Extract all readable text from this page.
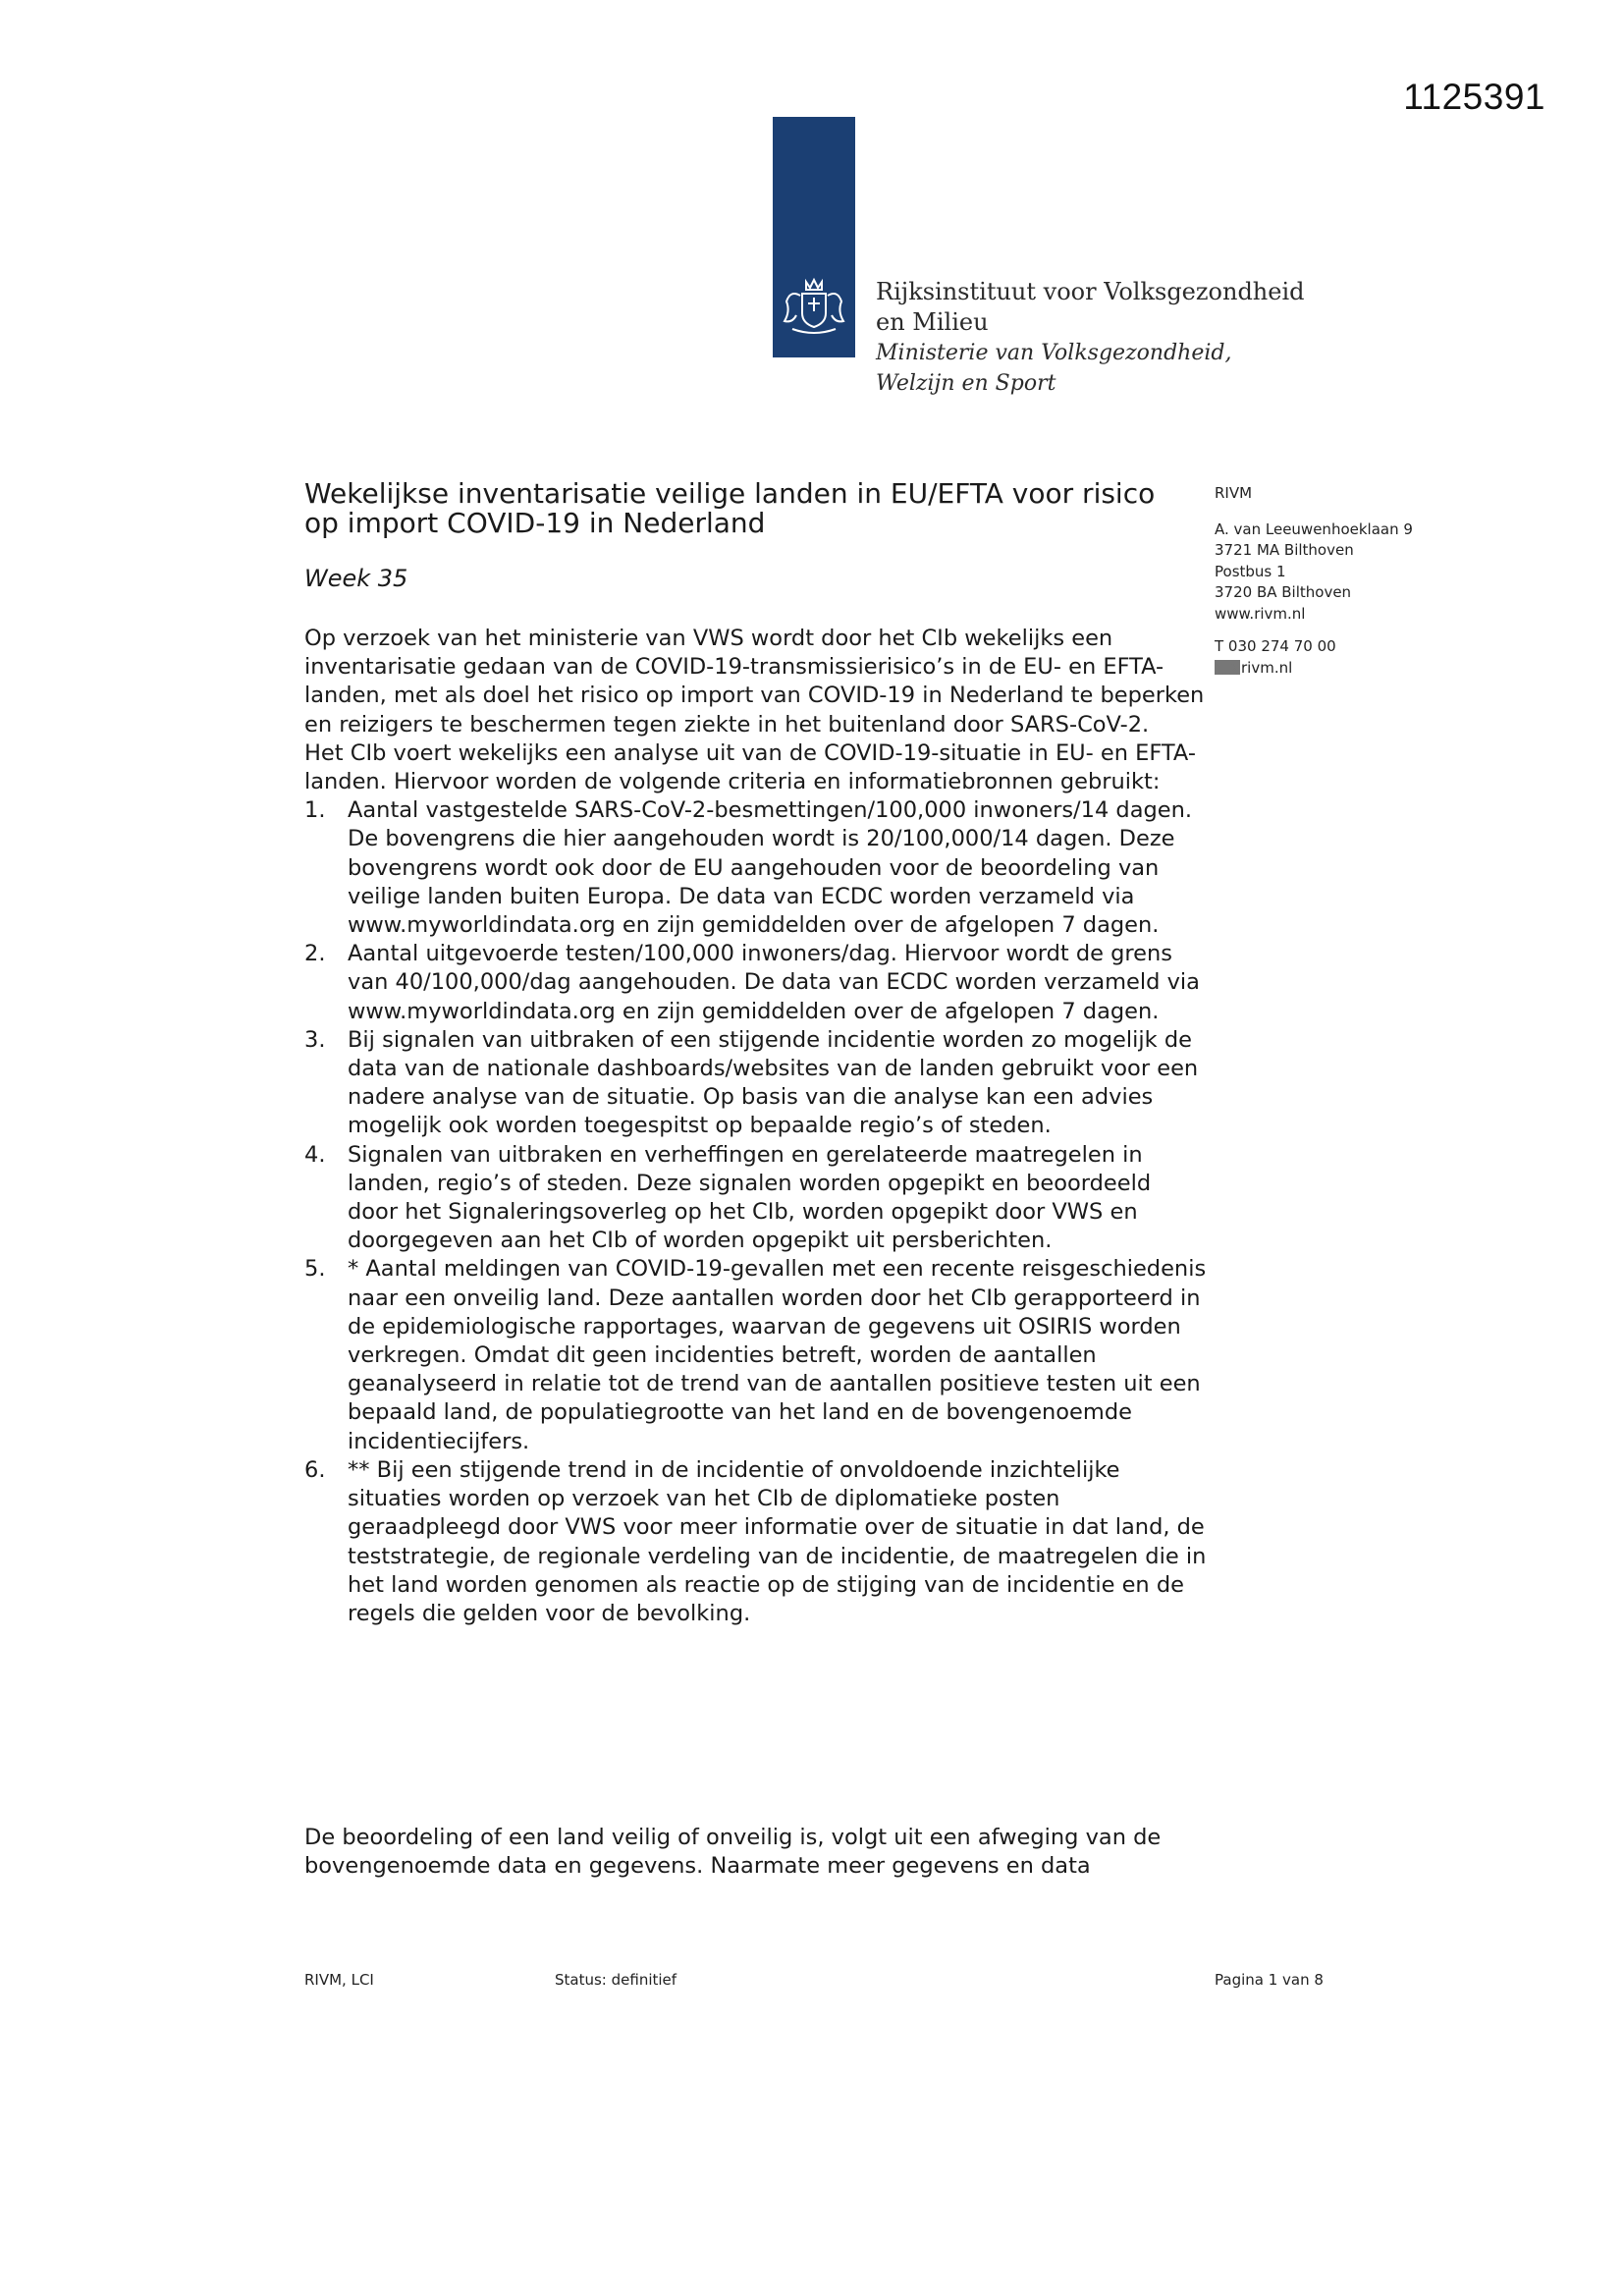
1125391
Rijksinstituut voor Volksgezondheid
en Milieu
Ministerie van Volksgezondheid,
Welzijn en Sport
Wekelijkse inventarisatie veilige landen in EU/EFTA voor risico
op import COVID-19 in Nederland
Week 35

Op verzoek van het ministerie van VWS wordt door het CIb wekelijks een inventarisatie gedaan van de COVID-19-transmissierisico’s in de EU- en EFTA-landen, met als doel het risico op import van COVID-19 in Nederland te beperken en reizigers te beschermen tegen ziekte in het buitenland door SARS-CoV-2.

Het CIb voert wekelijks een analyse uit van de COVID-19-situatie in EU- en EFTA-landen. Hiervoor worden de volgende criteria en informatiebronnen gebruikt:

1. Aantal vastgestelde SARS-CoV-2-besmettingen/100,000 inwoners/14 dagen. De bovengrens die hier aangehouden wordt is 20/100,000/14 dagen. Deze bovengrens wordt ook door de EU aangehouden voor de beoordeling van veilige landen buiten Europa. De data van ECDC worden verzameld via www.myworldindata.org en zijn gemiddelden over de afgelopen 7 dagen.
2. Aantal uitgevoerde testen/100,000 inwoners/dag. Hiervoor wordt de grens van 40/100,000/dag aangehouden. De data van ECDC worden verzameld via www.myworldindata.org en zijn gemiddelden over de afgelopen 7 dagen.
3. Bij signalen van uitbraken of een stijgende incidentie worden zo mogelijk de data van de nationale dashboards/websites van de landen gebruikt voor een nadere analyse van de situatie. Op basis van die analyse kan een advies mogelijk ook worden toegespitst op bepaalde regio’s of steden.
4. Signalen van uitbraken en verheffingen en gerelateerde maatregelen in landen, regio’s of steden. Deze signalen worden opgepikt en beoordeeld door het Signaleringsoverleg op het CIb, worden opgepikt door VWS en doorgegeven aan het CIb of worden opgepikt uit persberichten.
5. * Aantal meldingen van COVID-19-gevallen met een recente reisgeschiedenis naar een onveilig land. Deze aantallen worden door het CIb gerapporteerd in de epidemiologische rapportages, waarvan de gegevens uit OSIRIS worden verkregen. Omdat dit geen incidenties betreft, worden de aantallen geanalyseerd in relatie tot de trend van de aantallen positieve testen uit een bepaald land, de populatiegrootte van het land en de bovengenoemde incidentiecijfers.
6. ** Bij een stijgende trend in de incidentie of onvoldoende inzichtelijke situaties worden op verzoek van het CIb de diplomatieke posten geraadpleegd door VWS voor meer informatie over de situatie in dat land, de teststrategie, de regionale verdeling van de incidentie, de maatregelen die in het land worden genomen als reactie op de stijging van de incidentie en de regels die gelden voor de bevolking.
De beoordeling of een land veilig of onveilig is, volgt uit een afweging van de bovengenoemde data en gegevens. Naarmate meer gegevens en data
RIVM
A. van Leeuwenhoeklaan 9
3721 MA Bilthoven
Postbus 1
3720 BA Bilthoven
www.rivm.nl
T 030 274 70 00
1.2 rivm.nl
RIVM, LCI	Status: definitief	Pagina 1 van 8
